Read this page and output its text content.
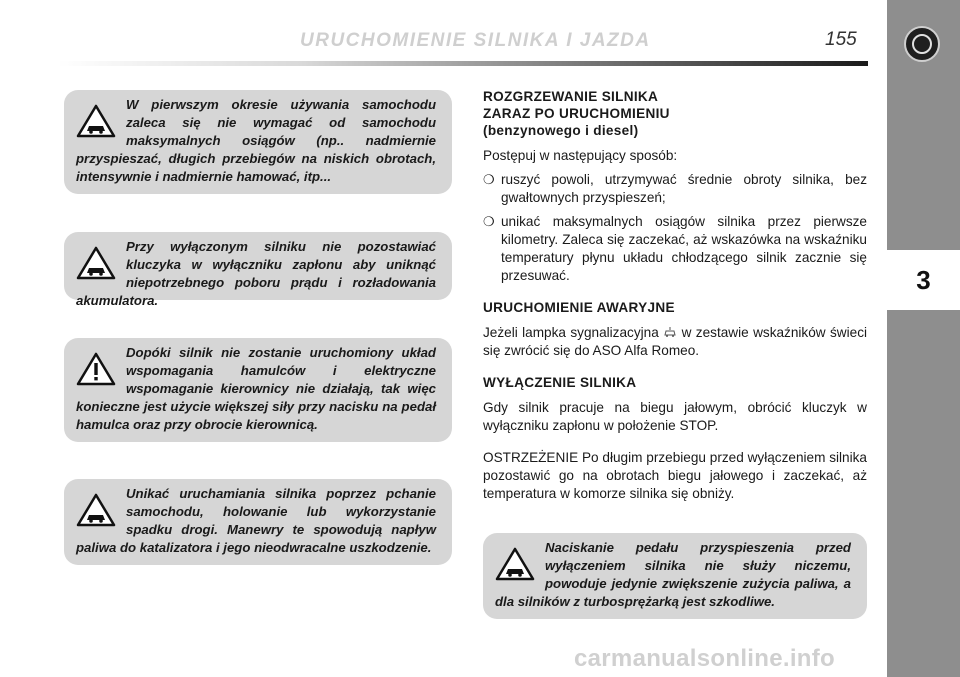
URUCHOMIENIE SILNIKA I JAZDA	155
3
W pierwszym okresie używania samochodu zaleca się nie wymagać od samochodu maksymalnych osiągów (np.. nadmiernie przyspieszać, długich przebiegów na niskich obrotach, intensywnie i nadmiernie hamować, itp...
Przy wyłączonym silniku nie pozostawiać kluczyka w wyłączniku zapłonu aby uniknąć niepotrzebnego poboru prądu i rozładowania akumulatora.
Dopóki silnik nie zostanie uruchomiony układ wspomagania hamulców i elektryczne wspomaganie kierownicy nie działają, tak więc konieczne jest użycie większej siły przy nacisku na pedał hamulca oraz przy obrocie kierownicą.
Unikać uruchamiania silnika poprzez pchanie samochodu, holowanie lub wykorzystanie spadku drogi. Manewry te spowodują napływ paliwa do katalizatora i jego nieodwracalne uszkodzenie.
ROZGRZEWANIE SILNIKA
ZARAZ PO URUCHOMIENIU
(benzynowego i diesel)

Postępuj w następujący sposób:

❍ ruszyć powoli, utrzymywać średnie obroty silnika, bez gwałtownych przyspieszeń;
❍ unikać maksymalnych osiągów silnika przez pierwsze kilometry. Zaleca się zaczekać, aż wskazówka na wskaźniku temperatury płynu układu chłodzącego silnik zacznie się przesuwać.
URUCHOMIENIE AWARYJNE

Jeżeli lampka sygnalizacyjna w zestawie wskaźników świeci się zwrócić się do ASO Alfa Romeo.

WYŁĄCZENIE SILNIKA

Gdy silnik pracuje na biegu jałowym, obrócić kluczyk w wyłączniku zapłonu w położenie STOP.

OSTRZEŻENIE Po długim przebiegu przed wyłączeniem silnika pozostawić go na obrotach biegu jałowego i zaczekać, aż temperatura w komorze silnika się obniży.

Naciskanie pedału przyspieszenia przed wyłączeniem silnika nie służy niczemu, powoduje jedynie zwiększenie zużycia paliwa, a dla silników z turbosprężarką jest szkodliwe.
carmanualsonline.info
